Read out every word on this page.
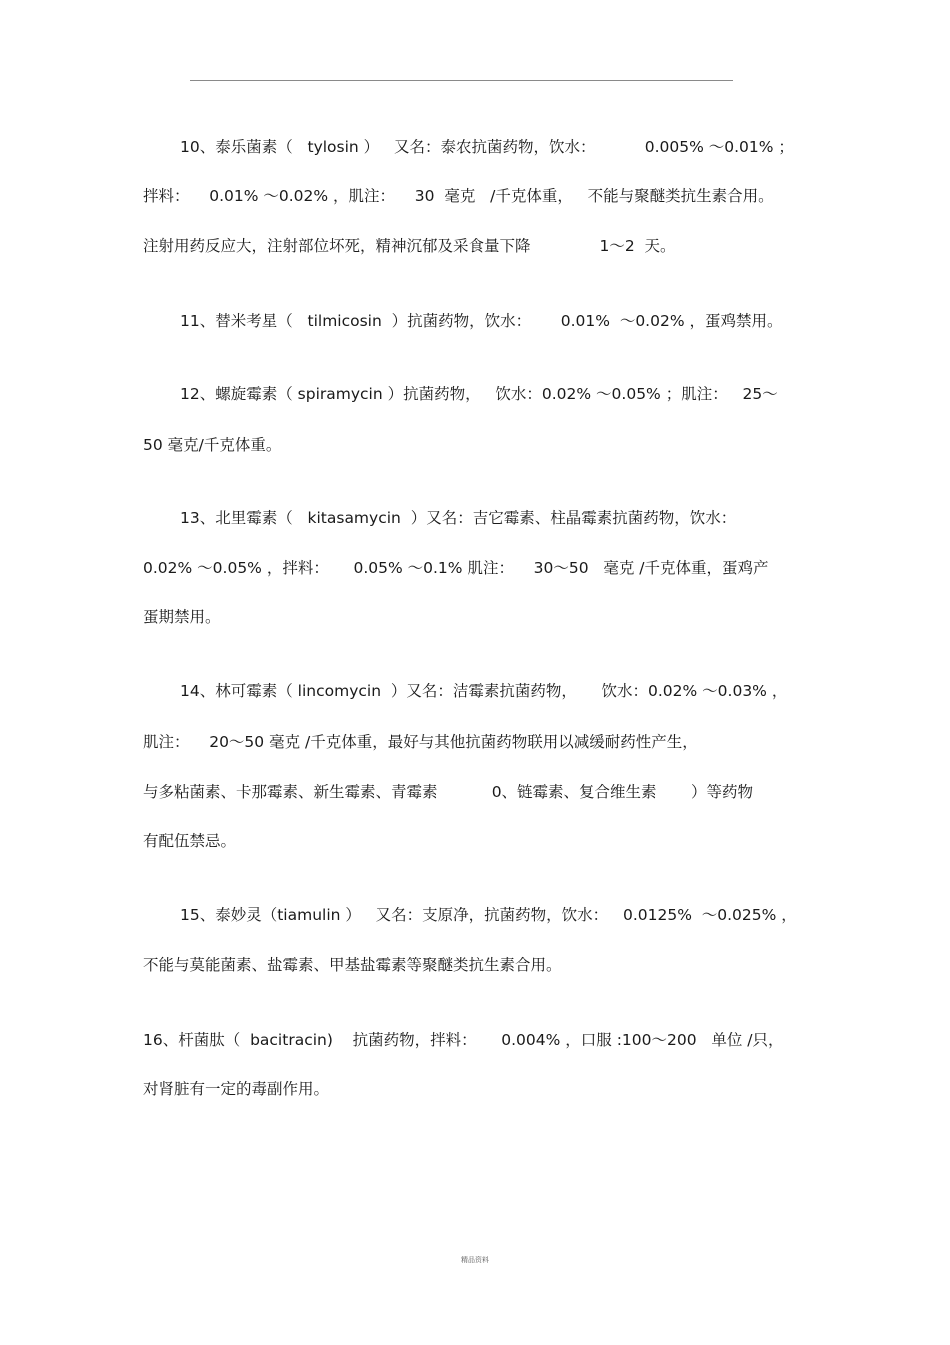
10、泰乐菌素（   tylosin ）   又名：泰农抗菌药物，饮水：          0.005% ～0.01% ；
拌料：    0.01% ～0.02% ，肌注：    30  毫克   /千克体重，   不能与聚醚类抗生素合用。
注射用药反应大，注射部位坏死，精神沉郁及采食量下降              1～2  天。
11、替米考星（   tilmicosin  ）抗菌药物，饮水：      0.01%  ～0.02% ，蛋鸡禁用。
12、螺旋霉素（ spiramycin ）抗菌药物，   饮水：0.02% ～0.05% ；肌注：   25～
50 毫克/千克体重。
13、北里霉素（   kitasamycin  ）又名：吉它霉素、柱晶霉素抗菌药物，饮水：
0.02% ～0.05% ，拌料：     0.05% ～0.1% 肌注：    30～50   毫克 /千克体重，蛋鸡产
蛋期禁用。
14、林可霉素（ lincomycin  ）又名：洁霉素抗菌药物，     饮水：0.02% ～0.03% ，
肌注：    20～50 毫克 /千克体重，最好与其他抗菌药物联用以减缓耐药性产生，
与多粘菌素、卡那霉素、新生霉素、青霉素           0、链霉素、复合维生素       ）等药物
有配伍禁忌。
15、泰妙灵（tiamulin ）   又名：支原净，抗菌药物，饮水：   0.0125%  ～0.025% ，
不能与莫能菌素、盐霉素、甲基盐霉素等聚醚类抗生素合用。
16、杆菌肽（  bacitracin)    抗菌药物，拌料：     0.004% ，口服 :100～200   单位 /只，
对肾脏有一定的毒副作用。
精品资料
